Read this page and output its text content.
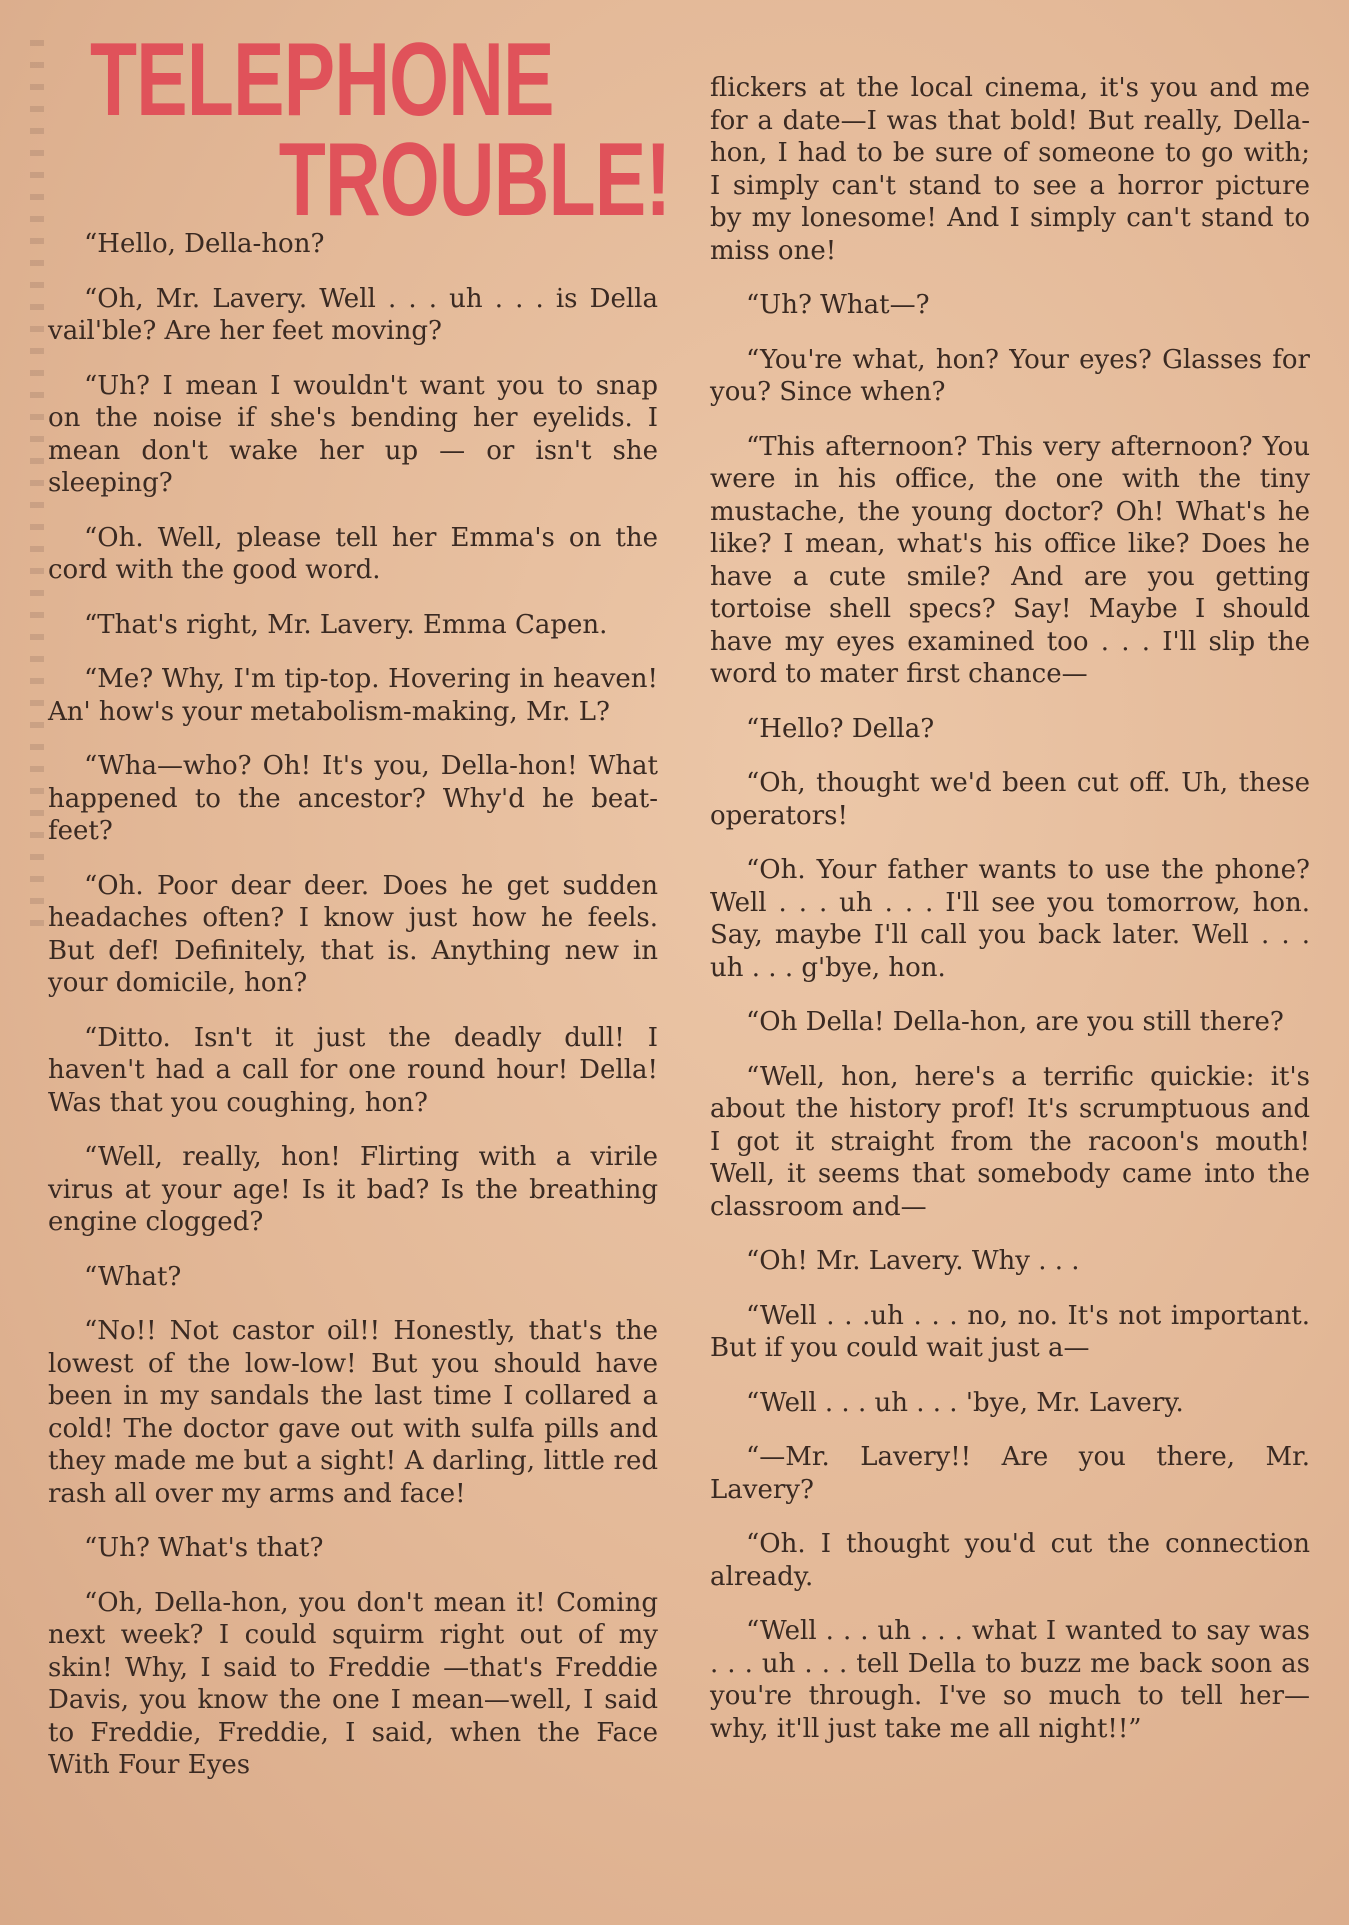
TELEPHONE
TROUBLE!

“Hello, Della-hon?

“Oh, Mr. Lavery. Well . . . uh . . . is Della vail'ble? Are her feet moving?

“Uh? I mean I wouldn't want you to snap on the noise if she's bending her eyelids. I mean don't wake her up — or isn't she sleeping?

“Oh. Well, please tell her Emma's on the cord with the good word.

“That's right, Mr. Lavery. Emma Capen.

“Me? Why, I'm tip-top. Hovering in heaven! An' how's your metabolism-making, Mr. L?

“Wha—who? Oh! It's you, Della-hon! What happened to the ancestor? Why'd he beat-feet?

“Oh. Poor dear deer. Does he get sudden headaches often? I know just how he feels. But def! Definitely, that is. Anything new in your domicile, hon?

“Ditto. Isn't it just the deadly dull! I haven't had a call for one round hour! Della! Was that you coughing, hon?

“Well, really, hon! Flirting with a virile virus at your age! Is it bad? Is the breathing engine clogged?

“What?

“No!! Not castor oil!! Honestly, that's the lowest of the low-low! But you should have been in my sandals the last time I collared a cold! The doctor gave out with sulfa pills and they made me but a sight! A darling, little red rash all over my arms and face!

“Uh? What's that?

“Oh, Della-hon, you don't mean it! Coming next week? I could squirm right out of my skin! Why, I said to Freddie —that's Freddie Davis, you know the one I mean—well, I said to Freddie, Freddie, I said, when the Face With Four Eyes

flickers at the local cinema, it's you and me for a date—I was that bold! But really, Della-hon, I had to be sure of someone to go with; I simply can't stand to see a horror picture by my lonesome! And I simply can't stand to miss one!

“Uh? What—?

“You're what, hon? Your eyes? Glasses for you? Since when?

“This afternoon? This very afternoon? You were in his office, the one with the tiny mustache, the young doctor? Oh! What's he like? I mean, what's his office like? Does he have a cute smile? And are you getting tortoise shell specs? Say! Maybe I should have my eyes examined too . . . I'll slip the word to mater first chance—

“Hello? Della?

“Oh, thought we'd been cut off. Uh, these operators!

“Oh. Your father wants to use the phone? Well . . . uh . . . I'll see you tomorrow, hon. Say, maybe I'll call you back later. Well . . . uh . . . g'bye, hon.

“Oh Della! Della-hon, are you still there?

“Well, hon, here's a terrific quickie: it's about the history prof! It's scrumptuous and I got it straight from the racoon's mouth! Well, it seems that somebody came into the classroom and—

“Oh! Mr. Lavery. Why . . .

“Well . . .uh . . . no, no. It's not important. But if you could wait just a—

“Well . . . uh . . . 'bye, Mr. Lavery.

“—Mr. Lavery!! Are you there, Mr. Lavery?

“Oh. I thought you'd cut the connection already.

“Well . . . uh . . . what I wanted to say was . . . uh . . . tell Della to buzz me back soon as you're through. I've so much to tell her—why, it'll just take me all night!!”
